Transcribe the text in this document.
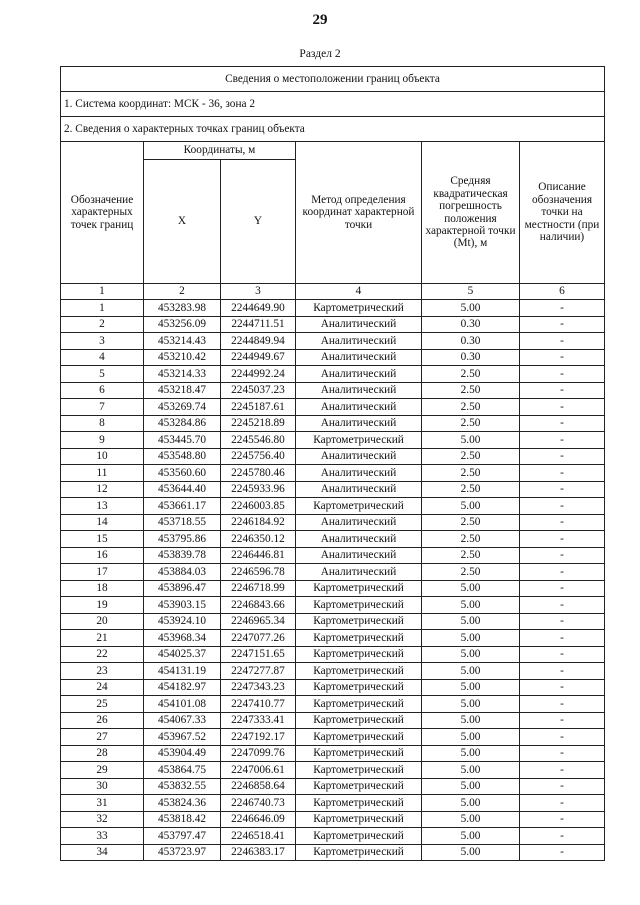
29
Раздел 2
Сведения о местоположении границ объекта					
1. Система координат: МСК - 36, зона 2					
2. Сведения о характерных точках границ объекта					
Обозначение характерных точек границ	Координаты, м		Метод определения координат характерной точки	Средняя квадратическая погрешность положения характерной точки (Mt), м	Описание обозначения точки на местности (при наличии)
	X	Y			
1	2	3	4	5	6
1	453283.98	2244649.90	Картометрический	5.00	-
2	453256.09	2244711.51	Аналитический	0.30	-
3	453214.43	2244849.94	Аналитический	0.30	-
4	453210.42	2244949.67	Аналитический	0.30	-
5	453214.33	2244992.24	Аналитический	2.50	-
6	453218.47	2245037.23	Аналитический	2.50	-
7	453269.74	2245187.61	Аналитический	2.50	-
8	453284.86	2245218.89	Аналитический	2.50	-
9	453445.70	2245546.80	Картометрический	5.00	-
10	453548.80	2245756.40	Аналитический	2.50	-
11	453560.60	2245780.46	Аналитический	2.50	-
12	453644.40	2245933.96	Аналитический	2.50	-
13	453661.17	2246003.85	Картометрический	5.00	-
14	453718.55	2246184.92	Аналитический	2.50	-
15	453795.86	2246350.12	Аналитический	2.50	-
16	453839.78	2246446.81	Аналитический	2.50	-
17	453884.03	2246596.78	Аналитический	2.50	-
18	453896.47	2246718.99	Картометрический	5.00	-
19	453903.15	2246843.66	Картометрический	5.00	-
20	453924.10	2246965.34	Картометрический	5.00	-
21	453968.34	2247077.26	Картометрический	5.00	-
22	454025.37	2247151.65	Картометрический	5.00	-
23	454131.19	2247277.87	Картометрический	5.00	-
24	454182.97	2247343.23	Картометрический	5.00	-
25	454101.08	2247410.77	Картометрический	5.00	-
26	454067.33	2247333.41	Картометрический	5.00	-
27	453967.52	2247192.17	Картометрический	5.00	-
28	453904.49	2247099.76	Картометрический	5.00	-
29	453864.75	2247006.61	Картометрический	5.00	-
30	453832.55	2246858.64	Картометрический	5.00	-
31	453824.36	2246740.73	Картометрический	5.00	-
32	453818.42	2246646.09	Картометрический	5.00	-
33	453797.47	2246518.41	Картометрический	5.00	-
34	453723.97	2246383.17	Картометрический	5.00	-
